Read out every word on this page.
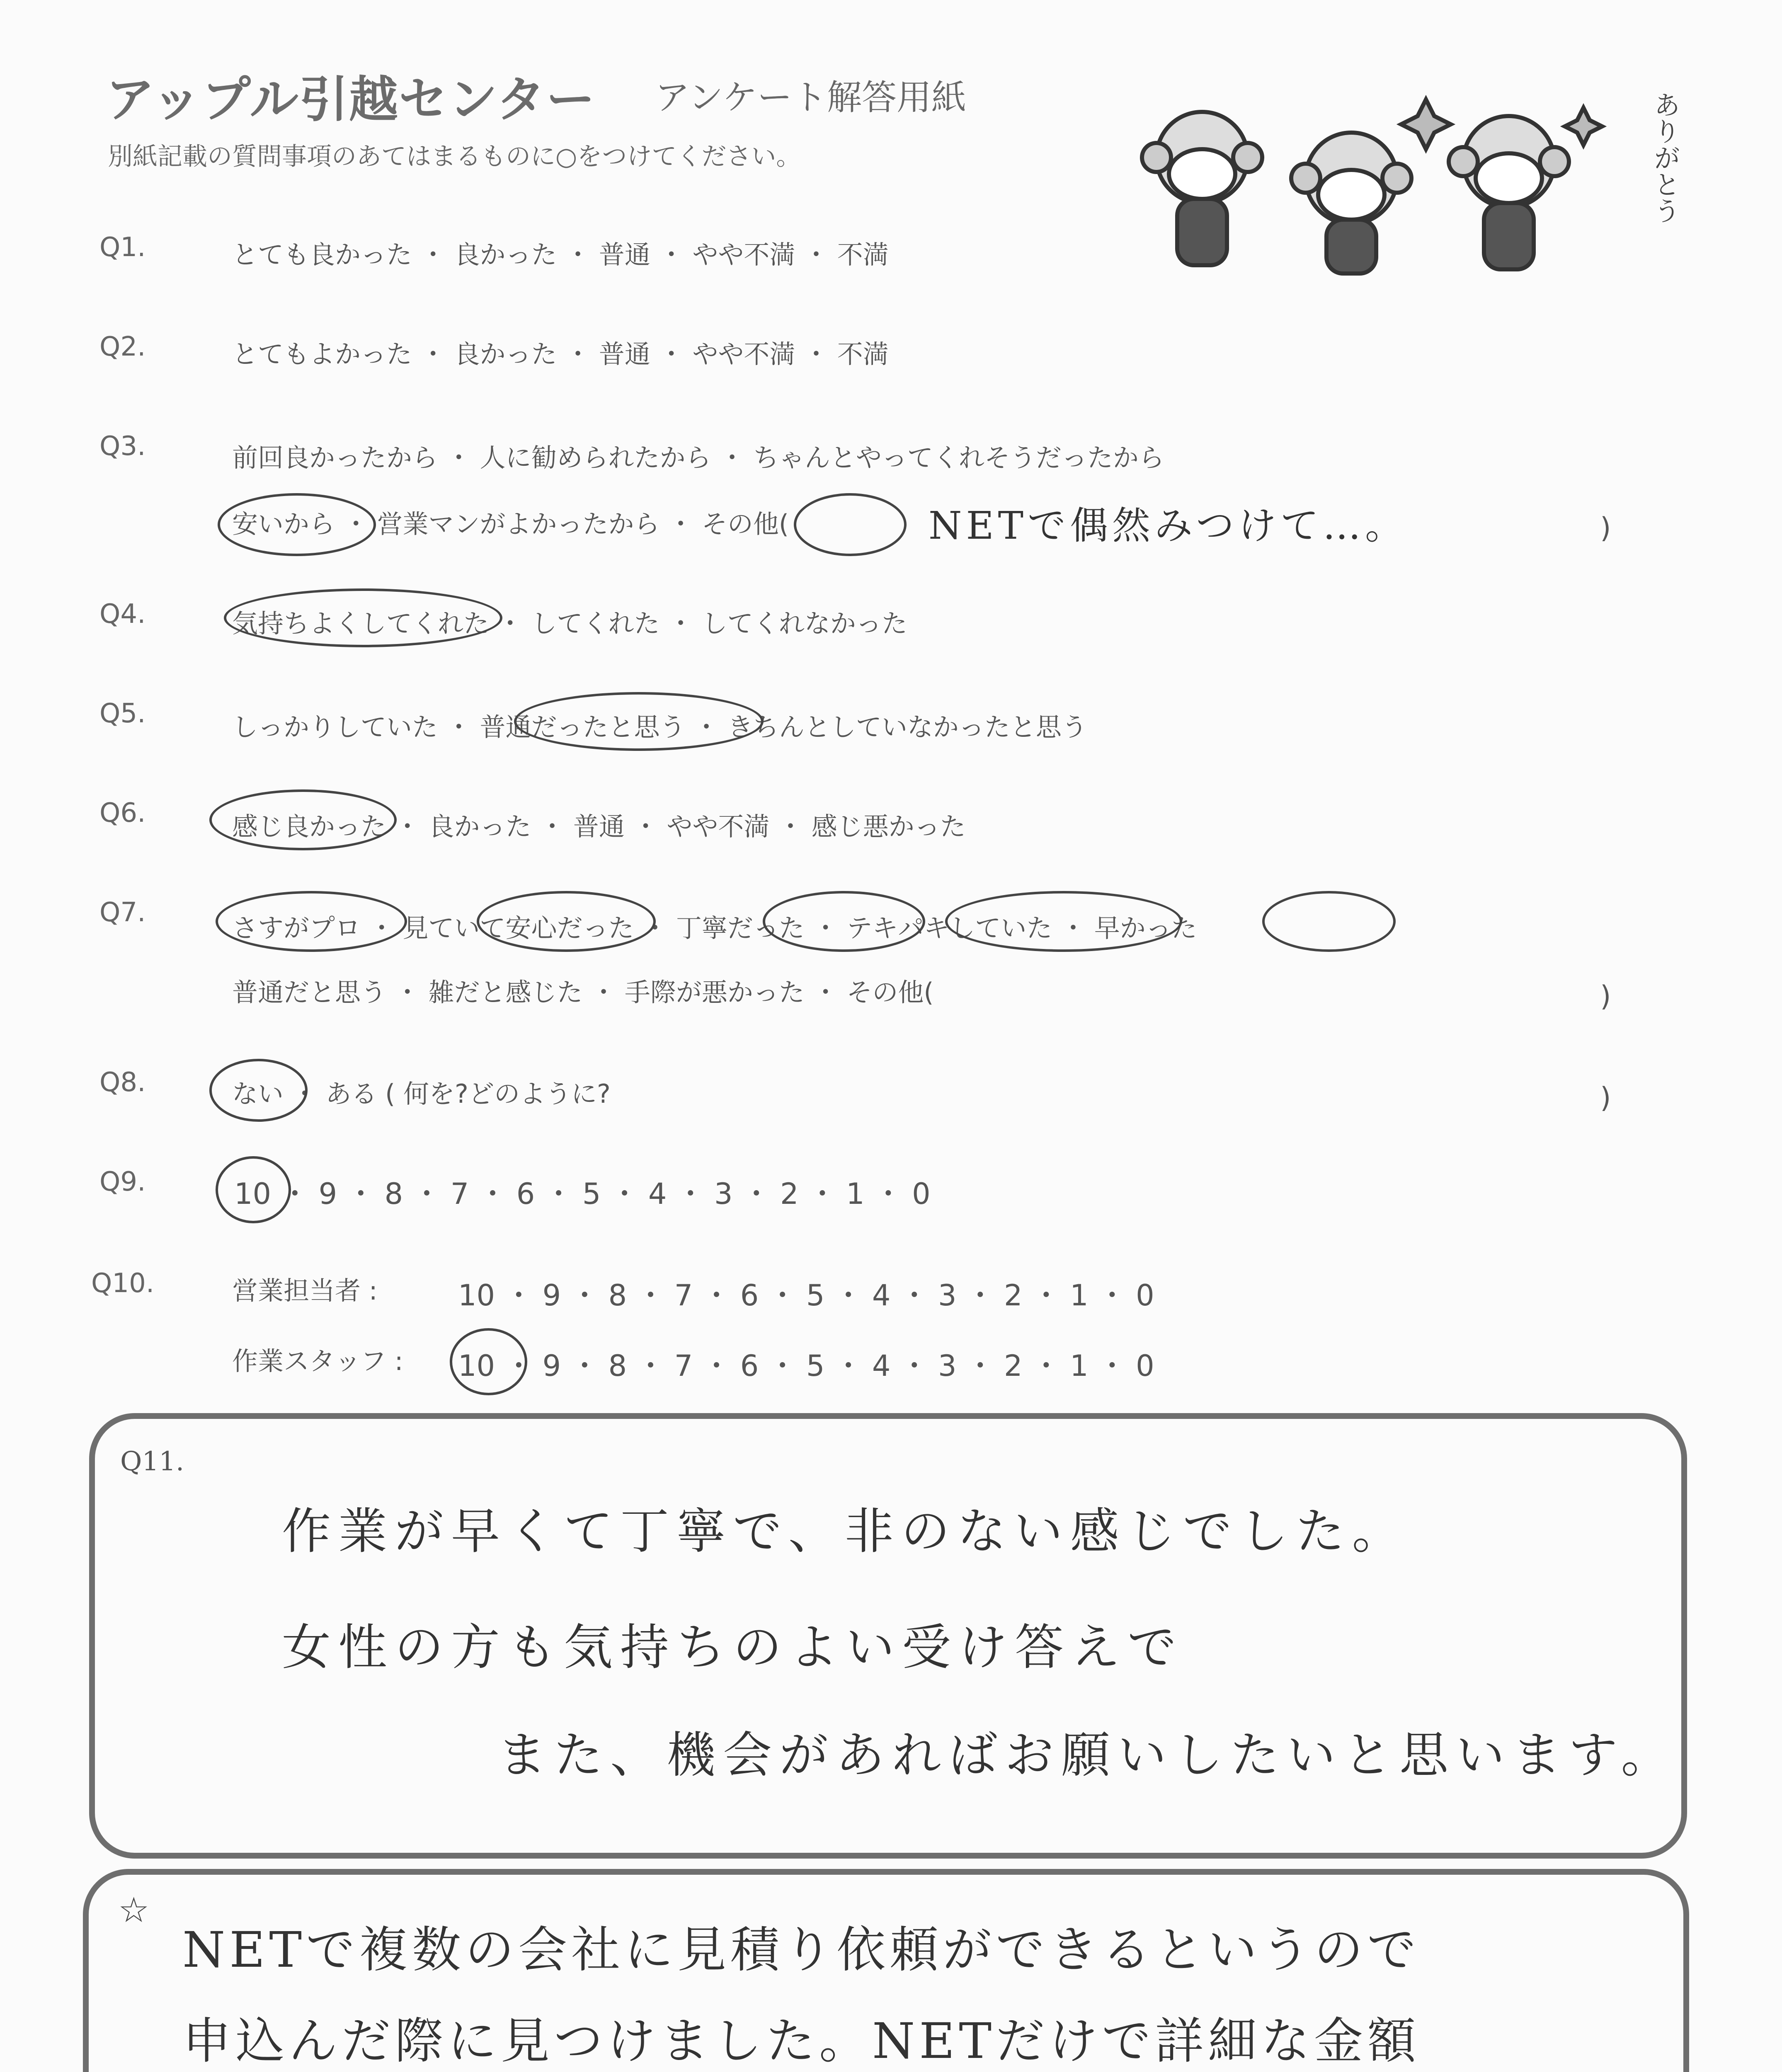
アップル引越センター アンケート解答用紙
別紙記載の質問事項のあてはまるものに○をつけてください。	ありがとう
Q1.	とても良かった ・ 良かった ・ 普通 ・ やや不満 ・ 不満
Q2.	とてもよかった ・ 良かった ・ 普通 ・ やや不満 ・ 不満
Q3.	前回良かったから ・ 人に勧められたから ・ ちゃんとやってくれそうだったから
安いから ・ 営業マンがよかったから ・ その他(	NETで偶然みつけて…。	)
Q4.	気持ちよくしてくれた ・ してくれた ・ してくれなかった
Q5.	しっかりしていた ・ 普通だったと思う ・ きちんとしていなかったと思う
Q6.	感じ良かった ・ 良かった ・ 普通 ・ やや不満 ・ 感じ悪かった
Q7.
さすがプロ ・ 見ていて安心だった ・ 丁寧だった ・ テキパキしていた ・ 早かった
普通だと思う ・ 雑だと感じた ・ 手際が悪かった ・ その他(	)
Q8.	ない ・ ある ( 何を?どのように?	)
Q9.	10 ・ 9 ・ 8 ・ 7 ・ 6 ・ 5 ・ 4 ・ 3 ・ 2 ・ 1 ・ 0
Q10.	営業担当者 :	10 ・ 9 ・ 8 ・ 7 ・ 6 ・ 5 ・ 4 ・ 3 ・ 2 ・ 1 ・ 0
作業スタッフ : 10 ・ 9 ・ 8 ・ 7 ・ 6 ・ 5 ・ 4 ・ 3 ・ 2 ・ 1 ・ 0
Q11.
作業が早くて丁寧で、非のない感じでした。
女性の方も気持ちのよい受け答えで
また、機会があればお願いしたいと思います。
☆
NETで複数の会社に見積り依頼ができるというので
申込んだ際に見つけました。NETだけで詳細な金額
